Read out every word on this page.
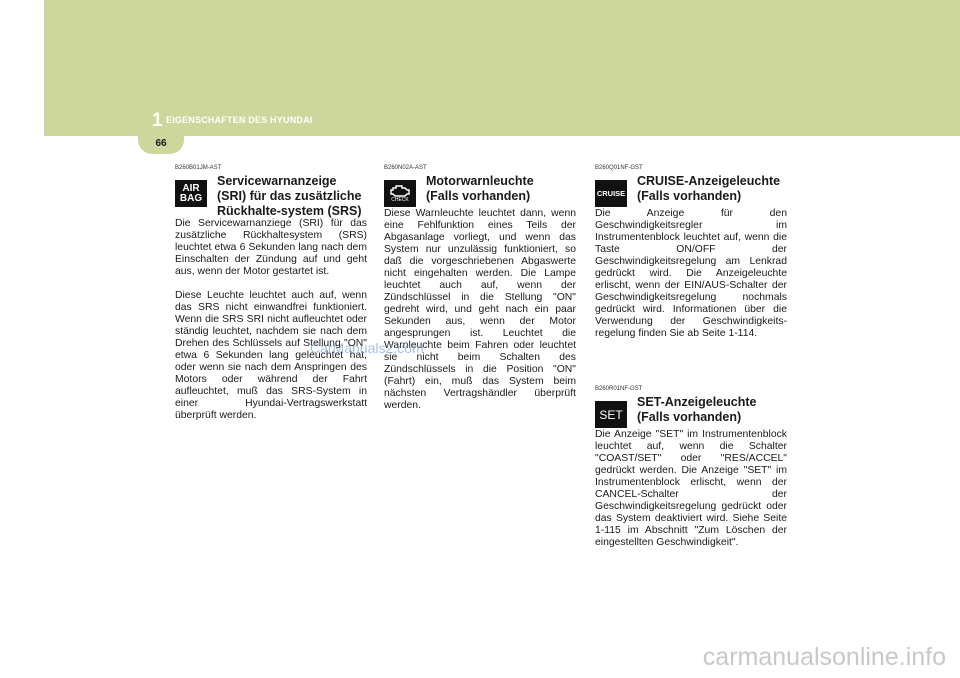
1 EIGENSCHAFTEN DES HYUNDAI
66
B260B01JM-AST
AIR
BAG
Servicewarnanzeige
(SRI) für das zusätzliche
Rückhalte-system (SRS)

Die Servicewarnanziege (SRI) für das zusätzliche Rückhaltesystem (SRS) leuchtet etwa 6 Sekunden lang nach dem Einschalten der Zündung auf und geht aus, wenn der Motor gestartet ist.

Diese Leuchte leuchtet auch auf, wenn das SRS nicht einwandfrei funktioniert. Wenn die SRS SRI nicht aufleuchtet oder ständig leuchtet, nachdem sie nach dem Drehen des Schlüssels auf Stellung "ON" etwa 6 Sekunden lang geleuchtet hat, oder wenn sie nach dem Anspringen des Motors oder während der Fahrt aufleuchtet, muß das SRS-System in einer Hyundai-Vertragswerkstatt überprüft werden.

B260N02A-AST
CHECK
Motorwarnleuchte
(Falls vorhanden)

Diese Warnleuchte leuchtet dann, wenn eine Fehlfunktion eines Teils der Abgasanlage vorliegt, und wenn das System nur unzulässig funktioniert, so daß die vorgeschriebenen Abgaswerte nicht eingehalten werden. Die Lampe leuchtet auch auf, wenn der Zündschlüssel in die Stellung "ON" gedreht wird, und geht nach ein paar Sekunden aus, wenn der Motor angesprungen ist. Leuchtet die Warnleuchte beim Fahren oder leuchtet sie nicht beim Schalten des Zündschlüssels in die Position "ON" (Fahrt) ein, muß das System beim nächsten Vertragshändler überprüft werden.

B260Q01NF-GST
CRUISE
CRUISE-Anzeigeleuchte
(Falls vorhanden)

Die Anzeige für den Geschwindigkeitsregler im Instrumentenblock leuchtet auf, wenn die Taste ON/OFF der Geschwindigkeitsregelung am Lenkrad gedrückt wird. Die Anzeigeleuchte erlischt, wenn der EIN/AUS-Schalter der Geschwindigkeitsregelung nochmals gedrückt wird. Informationen über die Verwendung der Geschwindigkeits-regelung finden Sie ab Seite 1-114.

B260R01NF-GST
SET
SET-Anzeigeleuchte
(Falls vorhanden)

Die Anzeige "SET" im Instrumentenblock leuchtet auf, wenn die Schalter "COAST/SET" oder "RES/ACCEL" gedrückt werden. Die Anzeige "SET" im Instrumentenblock erlischt, wenn der CANCEL-Schalter der Geschwindigkeitsregelung gedrückt oder das System deaktiviert wird. Siehe Seite 1-115 im Abschnitt "Zum Löschen der eingestellten Geschwindigkeit".

CarManuals2.com
carmanualsonline.info
